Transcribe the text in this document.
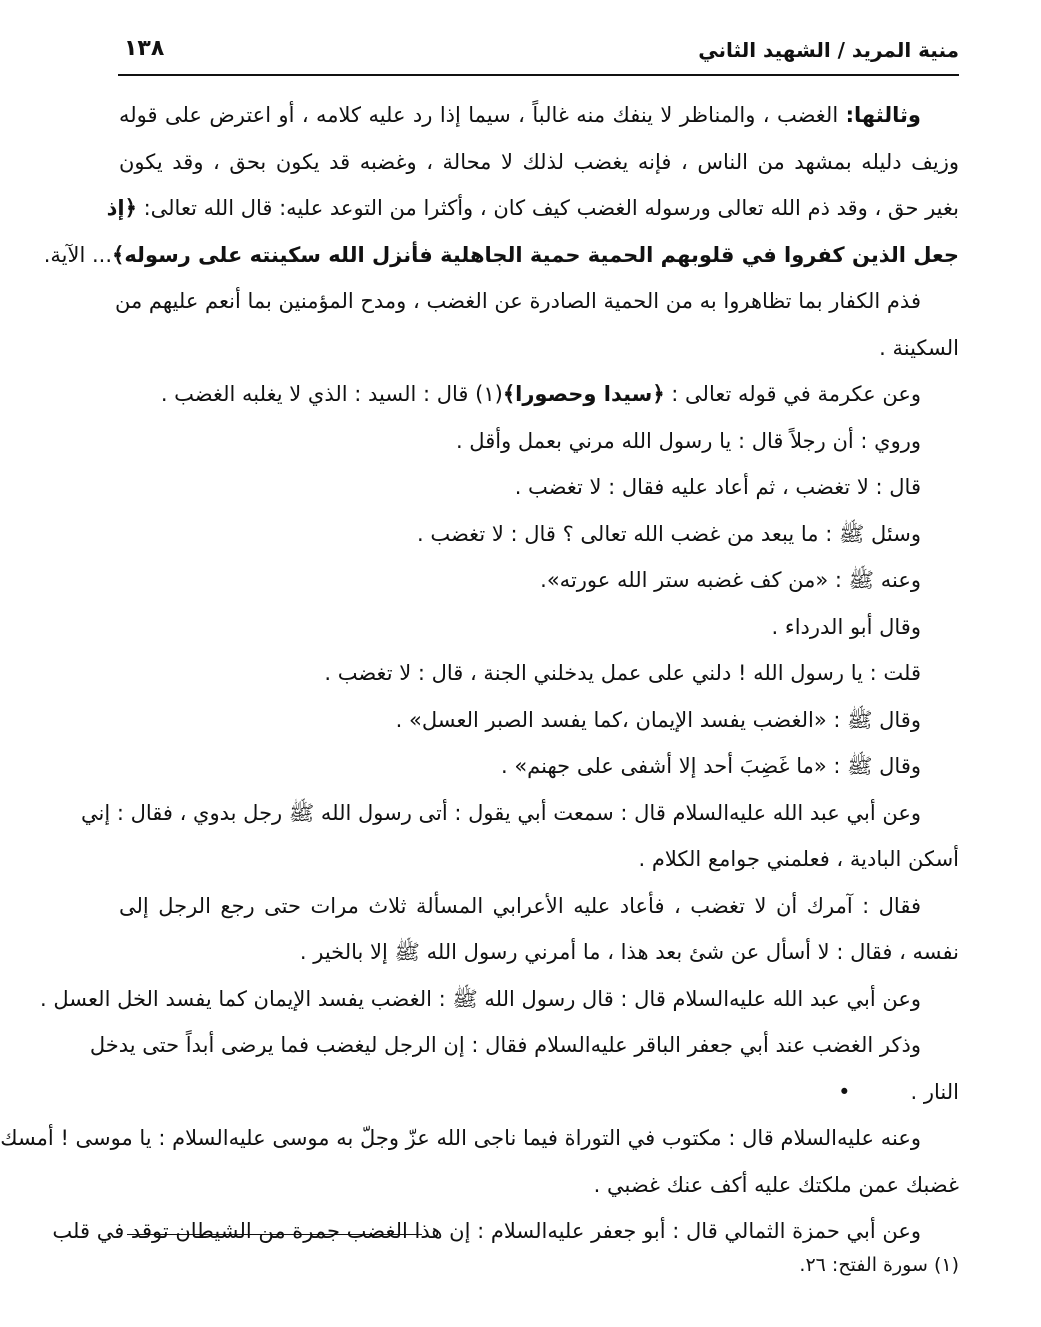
منية المريد / الشهيد الثاني
١٣٨
وثالثها: الغضب ، والمناظر لا ينفك منه غالباً ، سيما إذا رد عليه كلامه ، أو اعترض على قوله
وزيف دليله بمشهد من الناس ، فإنه يغضب لذلك لا محالة ، وغضبه قد يكون بحق ، وقد يكون
بغير حق ، وقد ذم الله تعالى ورسوله الغضب كيف كان ، وأكثرا من التوعد عليه: قال الله تعالى: ﴿إذ
جعل الذين كفروا في قلوبهم الحمية حمية الجاهلية فأنزل الله سكينته على رسوله﴾... الآية.
فذم الكفار بما تظاهروا به من الحمية الصادرة عن الغضب ، ومدح المؤمنين بما أنعم عليهم من
السكينة .
وعن عكرمة في قوله تعالى : ﴿سيدا وحصورا﴾(١) قال : السيد : الذي لا يغلبه الغضب .
وروي : أن رجلاً قال : يا رسول الله مرني بعمل وأقل .
قال : لا تغضب ، ثم أعاد عليه فقال : لا تغضب .
وسئل ﷺ : ما يبعد من غضب الله تعالى ؟ قال : لا تغضب .
وعنه ﷺ : «من كف غضبه ستر الله عورته».
وقال أبو الدرداء .
قلت : يا رسول الله ! دلني على عمل يدخلني الجنة ، قال : لا تغضب .
وقال ﷺ : «الغضب يفسد الإيمان ،كما يفسد الصبر العسل» .
وقال ﷺ : «ما غَضِبَ أحد إلا أشفى على جهنم» .
وعن أبي عبد الله عليه‌السلام قال : سمعت أبي يقول : أتى رسول الله ﷺ رجل بدوي ، فقال : إني
أسكن البادية ، فعلمني جوامع الكلام .
فقال : آمرك أن لا تغضب ، فأعاد عليه الأعرابي المسألة ثلاث مرات حتى رجع الرجل إلى
نفسه ، فقال : لا أسأل عن شئ بعد هذا ، ما أمرني رسول الله ﷺ إلا بالخير .
وعن أبي عبد الله عليه‌السلام قال : قال رسول الله ﷺ : الغضب يفسد الإيمان كما يفسد الخل العسل .
وذكر الغضب عند أبي جعفر الباقر عليه‌السلام فقال : إن الرجل ليغضب فما يرضى أبداً حتى يدخل
النار .•
وعنه عليه‌السلام قال : مكتوب في التوراة فيما ناجى الله عزّ وجلّ به موسى عليه‌السلام : يا موسى ! أمسك
غضبك عمن ملكتك عليه أكف عنك غضبي .
وعن أبي حمزة الثمالي قال : أبو جعفر عليه‌السلام : إن هذا الغضب جمرة من الشيطان توقد في قلب
(١) سورة الفتح: ٢٦.
